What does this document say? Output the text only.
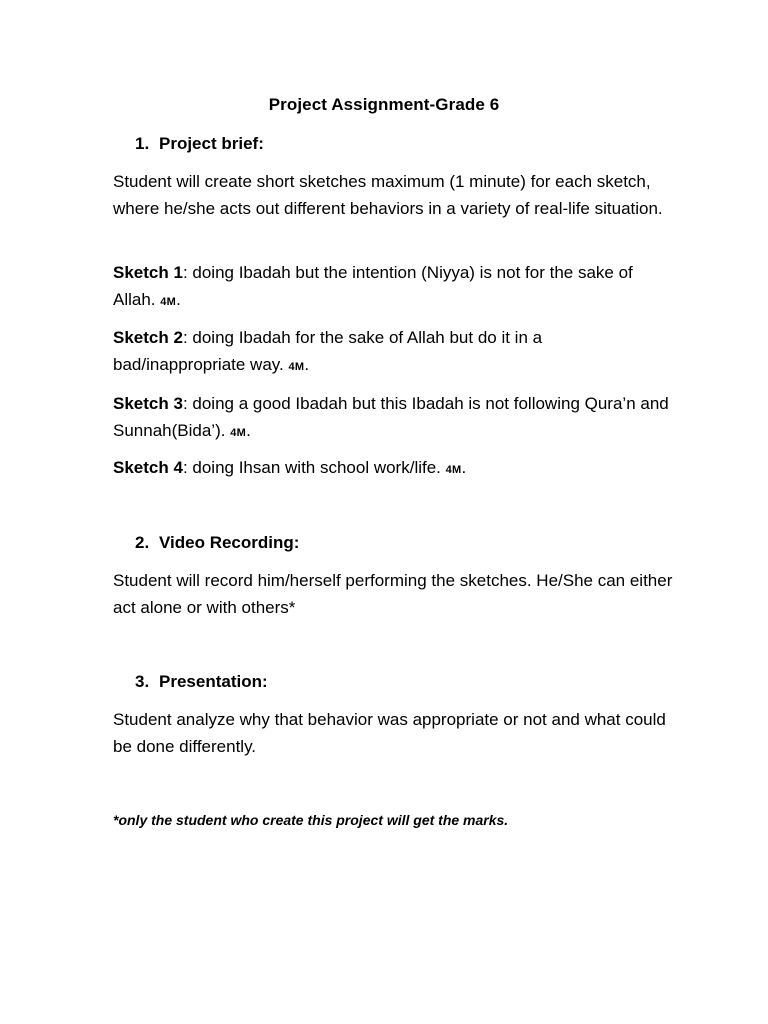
Project Assignment-Grade 6
1. Project brief:
Student will create short sketches maximum (1 minute) for each sketch, where he/she acts out different behaviors in a variety of real-life situation.
Sketch 1: doing Ibadah but the intention (Niyya) is not for the sake of Allah. 4M.
Sketch 2: doing Ibadah for the sake of Allah but do it in a bad/inappropriate way. 4M.
Sketch 3: doing a good Ibadah but this Ibadah is not following Qura’n and Sunnah(Bida’). 4M.
Sketch 4: doing Ihsan with school work/life. 4M.
2. Video Recording:
Student will record him/herself performing the sketches. He/She can either act alone or with others*
3. Presentation:
Student analyze why that behavior was appropriate or not and what could be done differently.
*only the student who create this project will get the marks.
